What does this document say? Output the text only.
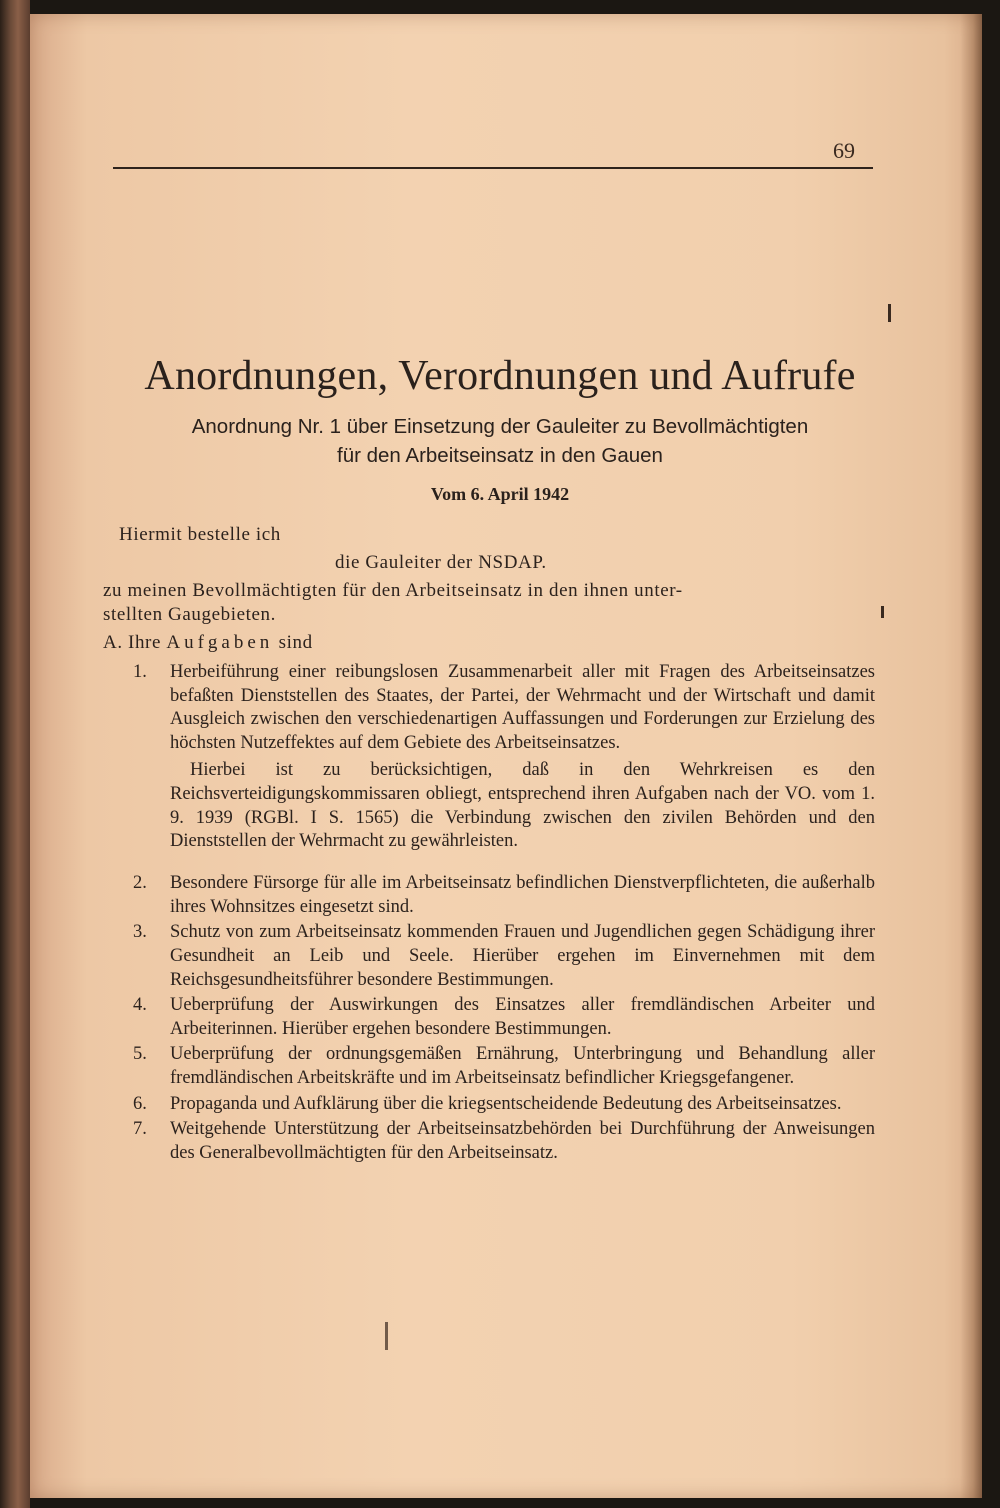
69
Anordnungen, Verordnungen und Aufrufe
Anordnung Nr. 1 über Einsetzung der Gauleiter zu Bevollmächtigten
für den Arbeitseinsatz in den Gauen
Vom 6. April 1942
Hiermit bestelle ich
die Gauleiter der NSDAP.
zu meinen Bevollmächtigten für den Arbeitseinsatz in den ihnen unter-
stellten Gaugebieten.
A. Ihre Aufgaben sind
1. Herbeiführung einer reibungslosen Zusammenarbeit aller mit Fragen des Arbeitseinsatzes befaßten Dienststellen des Staates, der Partei, der Wehrmacht und der Wirtschaft und damit Ausgleich zwischen den verschiedenartigen Auffassungen und Forderungen zur Erzielung des höchsten Nutzeffektes auf dem Gebiete des Arbeitseinsatzes.

Hierbei ist zu berücksichtigen, daß in den Wehrkreisen es den Reichsverteidigungskommissaren obliegt, entsprechend ihren Aufgaben nach der VO. vom 1. 9. 1939 (RGBl. I S. 1565) die Verbindung zwischen den zivilen Behörden und den Dienststellen der Wehrmacht zu gewährleisten.

2. Besondere Fürsorge für alle im Arbeitseinsatz befindlichen Dienstverpflichteten, die außerhalb ihres Wohnsitzes eingesetzt sind.

3. Schutz von zum Arbeitseinsatz kommenden Frauen und Jugendlichen gegen Schädigung ihrer Gesundheit an Leib und Seele. Hierüber ergehen im Einvernehmen mit dem Reichsgesundheitsführer besondere Bestimmungen.

4. Ueberprüfung der Auswirkungen des Einsatzes aller fremdländischen Arbeiter und Arbeiterinnen. Hierüber ergehen besondere Bestimmungen.

5. Ueberprüfung der ordnungsgemäßen Ernährung, Unterbringung und Behandlung aller fremdländischen Arbeitskräfte und im Arbeitseinsatz befindlicher Kriegsgefangener.

6. Propaganda und Aufklärung über die kriegsentscheidende Bedeutung des Arbeitseinsatzes.

7. Weitgehende Unterstützung der Arbeitseinsatzbehörden bei Durchführung der Anweisungen des Generalbevollmächtigten für den Arbeitseinsatz.
